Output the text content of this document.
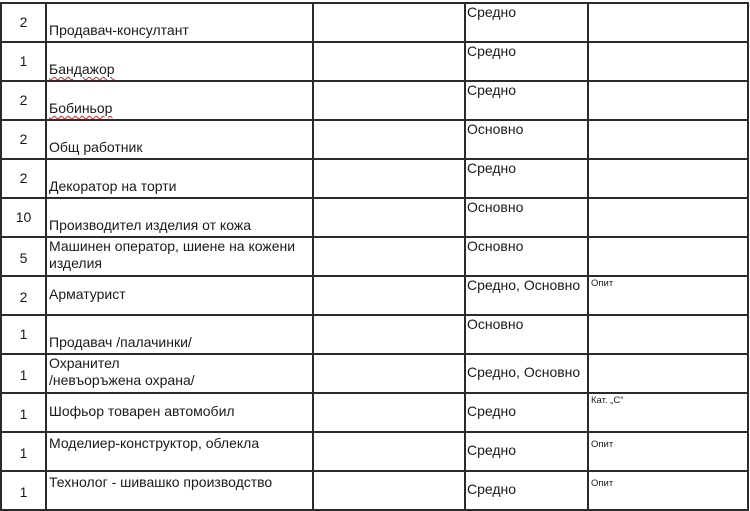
2	Продавач-консултант		Средно	

1	Бандажор		Средно	

2	Бобиньор		Средно	

2	Общ работник		Основно	

2	Декоратор на торти		Средно	

10	Производител изделия от кожа		Основно	

5	Машинен оператор, шиене на кожени
изделия		Основно	

2	Арматурист		Средно, Основно	Опит

1	Продавач /палачинки/		Основно	

1	Охранител
/невъоръжена охрана/		Средно, Основно	

1	Шофьор товарен автомобил		Средно	Кат. „С“

1	Моделиер-конструктор, облекла		Средно	Опит

1	Технолог - шивашко производство		Средно	Опит
